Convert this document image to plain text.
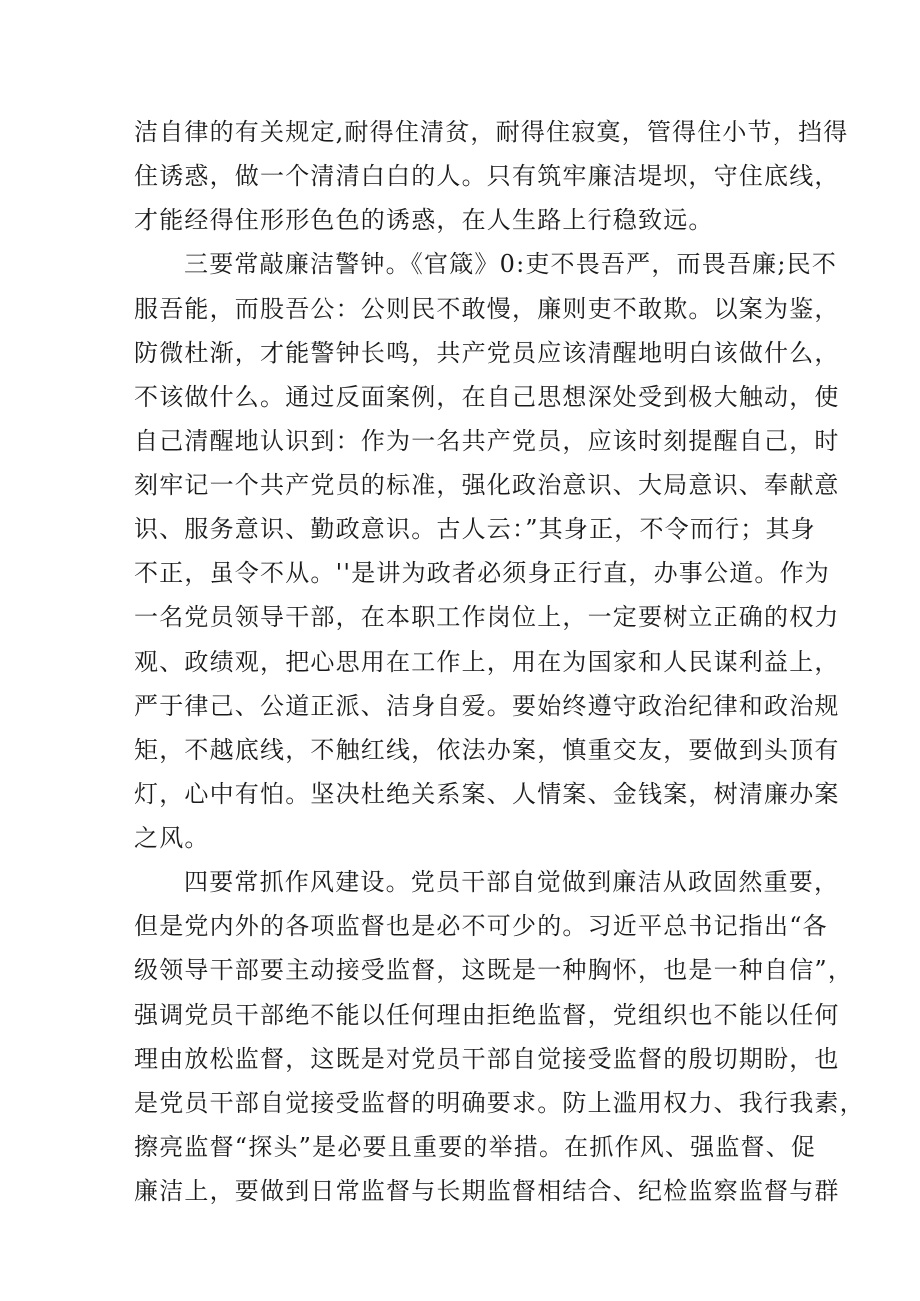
洁自律的有关规定,耐得住清贫，耐得住寂寞，管得住小节，挡得
住诱惑，做一个清清白白的人。只有筑牢廉洁堤坝，守住底线，
才能经得住形形色色的诱惑，在人生路上行稳致远。
三要常敲廉洁警钟。《官箴》0:吏不畏吾严，而畏吾廉;民不
服吾能，而股吾公：公则民不敢慢，廉则吏不敢欺。以案为鉴，
防微杜渐，才能警钟长鸣，共产党员应该清醒地明白该做什么，
不该做什么。通过反面案例，在自己思想深处受到极大触动，使
自己清醒地认识到：作为一名共产党员，应该时刻提醒自己，时
刻牢记一个共产党员的标准，强化政治意识、大局意识、奉献意
识、服务意识、勤政意识。古人云：”其身正，不令而行；其身
不正，虽令不从。''是讲为政者必须身正行直，办事公道。作为
一名党员领导干部，在本职工作岗位上，一定要树立正确的权力
观、政绩观，把心思用在工作上，用在为国家和人民谋利益上，
严于律己、公道正派、洁身自爱。要始终遵守政治纪律和政治规
矩，不越底线，不触红线，依法办案，慎重交友，要做到头顶有
灯，心中有怕。坚决杜绝关系案、人情案、金钱案，树清廉办案
之风。
四要常抓作风建设。党员干部自觉做到廉洁从政固然重要，
但是党内外的各项监督也是必不可少的。习近平总书记指出“各
级领导干部要主动接受监督，这既是一种胸怀，也是一种自信”，
强调党员干部绝不能以任何理由拒绝监督，党组织也不能以任何
理由放松监督，这既是对党员干部自觉接受监督的殷切期盼，也
是党员干部自觉接受监督的明确要求。防上滥用权力、我行我素，
擦亮监督“探头”是必要且重要的举措。在抓作风、强监督、促
廉洁上，要做到日常监督与长期监督相结合、纪检监察监督与群
